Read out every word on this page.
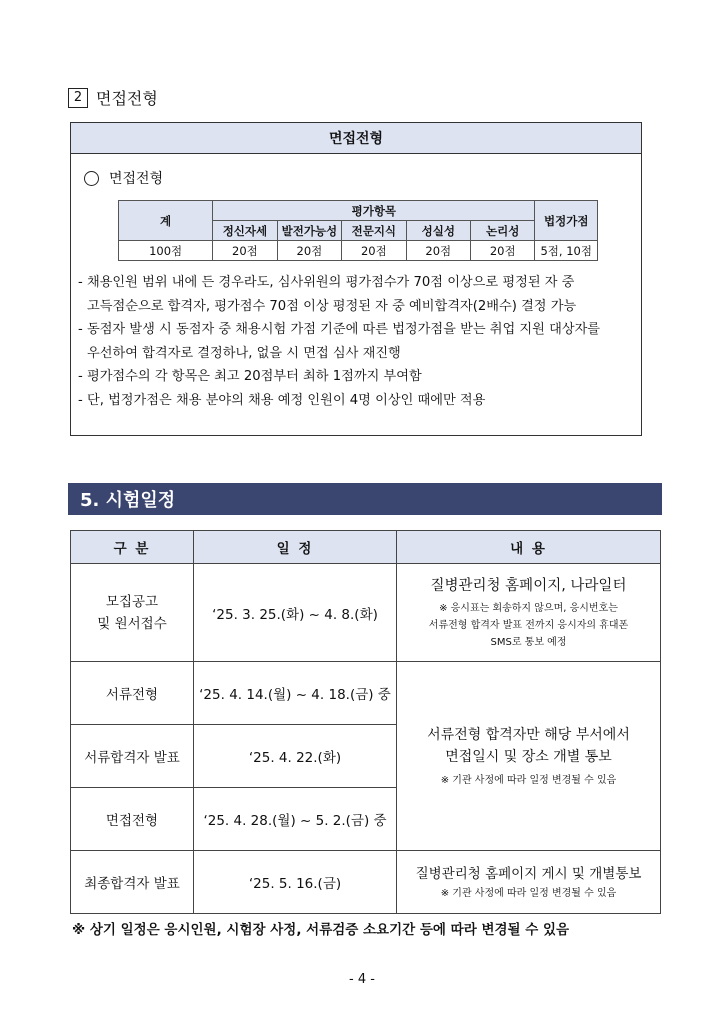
2 면접전형
면접전형
면접전형
계	평가항목					법정가점
	정신자세	발전가능성	전문지식	성실성	논리성	
100점	20점	20점	20점	20점	20점	5점, 10점
- 채용인원 범위 내에 든 경우라도, 심사위원의 평가점수가 70점 이상으로 평정된 자 중
고득점순으로 합격자, 평가점수 70점 이상 평정된 자 중 예비합격자(2배수) 결정 가능
- 동점자 발생 시 동점자 중 채용시험 가점 기준에 따른 법정가점을 받는 취업 지원 대상자를
우선하여 합격자로 결정하나, 없을 시 면접 심사 재진행
- 평가점수의 각 항목은 최고 20점부터 최하 1점까지 부여함
- 단, 법정가점은 채용 분야의 채용 예정 인원이 4명 이상인 때에만 적용
5. 시험일정
구 분	일 정	내 용

모집공고
및 원서접수	‘25. 3. 25.(화) ~ 4. 8.(화)	질병관리청 홈페이지, 나라일터
※ 응시표는 회송하지 않으며, 응시번호는
서류전형 합격자 발표 전까지 응시자의 휴대폰
SMS로 통보 예정

서류전형	‘25. 4. 14.(월) ~ 4. 18.(금) 중	서류전형 합격자만 해당 부서에서
면접일시 및 장소 개별 통보
※ 기관 사정에 따라 일정 변경될 수 있음

서류합격자 발표	‘25. 4. 22.(화)	
면접전형	‘25. 4. 28.(월) ~ 5. 2.(금) 중	
최종합격자 발표	‘25. 5. 16.(금)	질병관리청 홈페이지 게시 및 개별통보
※ 기관 사정에 따라 일정 변경될 수 있음
※ 상기 일정은 응시인원, 시험장 사정, 서류검증 소요기간 등에 따라 변경될 수 있음
- 4 -
